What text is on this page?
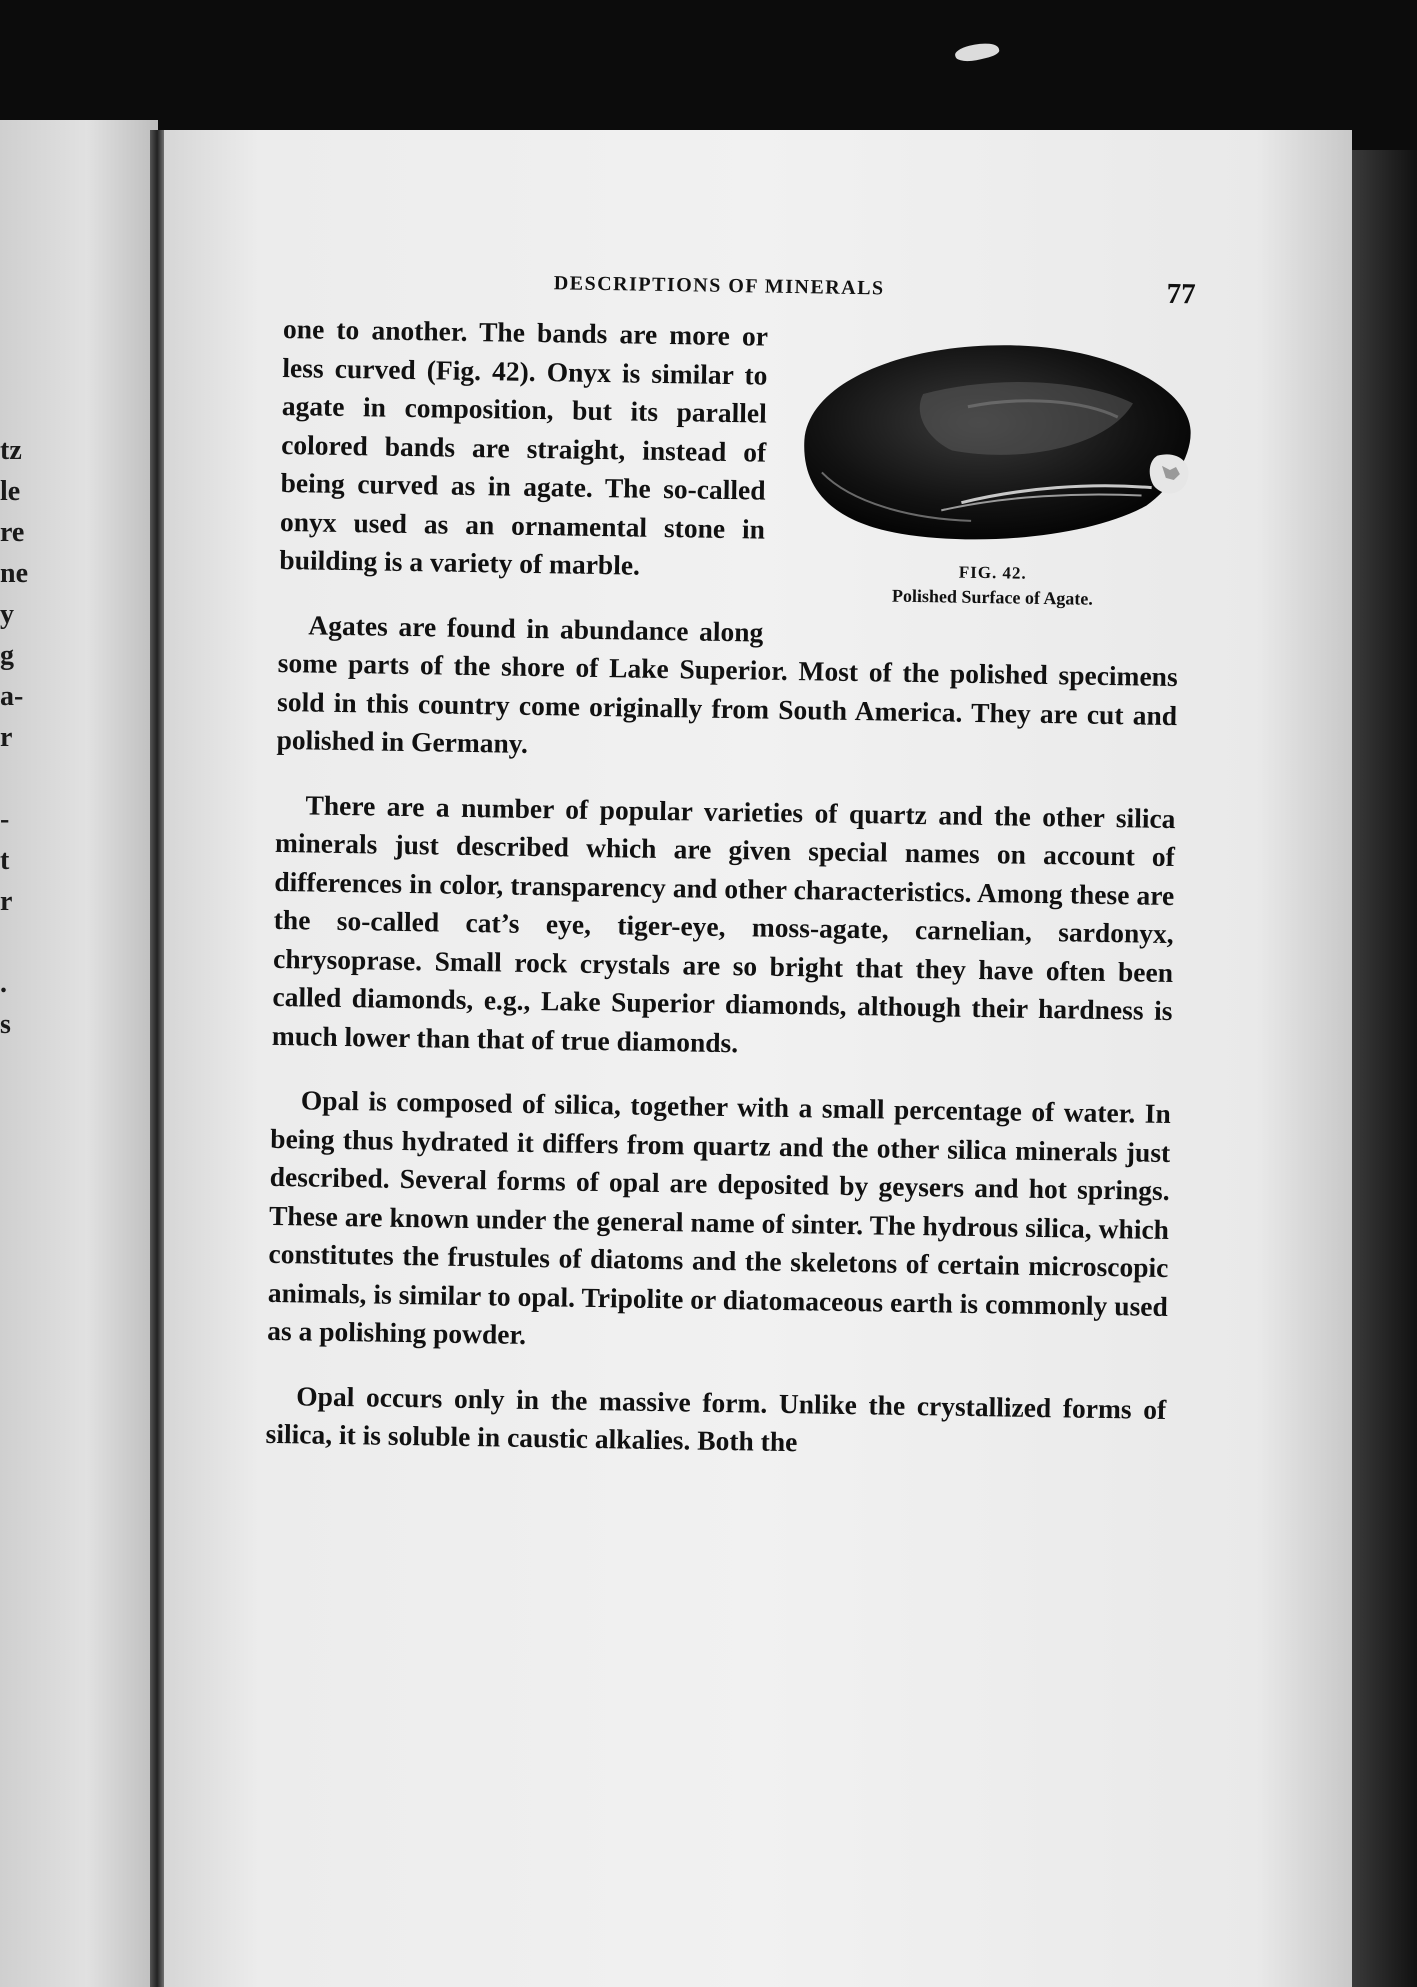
tz
le
re
ne
y
g
a-
r
-
t
r
.
s
DESCRIPTIONS OF MINERALS	77
FIG. 42.
Polished Surface of Agate.

one to another. The bands are more or less curved (Fig. 42). Onyx is similar to agate in composition, but its parallel colored bands are straight, instead of being curved as in agate. The so-called onyx used as an ornamental stone in building is a variety of marble.

Agates are found in abundance along some parts of the shore of Lake Superior. Most of the polished specimens sold in this country come originally from South America. They are cut and polished in Germany.

There are a number of popular varieties of quartz and the other silica minerals just described which are given special names on account of differences in color, transparency and other characteristics. Among these are the so-called cat’s eye, tiger-eye, moss-agate, carnelian, sardonyx, chrysoprase. Small rock crystals are so bright that they have often been called diamonds, e.g., Lake Superior diamonds, although their hardness is much lower than that of true diamonds.

Opal is composed of silica, together with a small percentage of water. In being thus hydrated it differs from quartz and the other silica minerals just described. Several forms of opal are deposited by geysers and hot springs. These are known under the general name of sinter. The hydrous silica, which constitutes the frustules of diatoms and the skeletons of certain microscopic animals, is similar to opal. Tripolite or diatomaceous earth is commonly used as a polishing powder.

Opal occurs only in the massive form. Unlike the crystallized forms of silica, it is soluble in caustic alkalies. Both the
